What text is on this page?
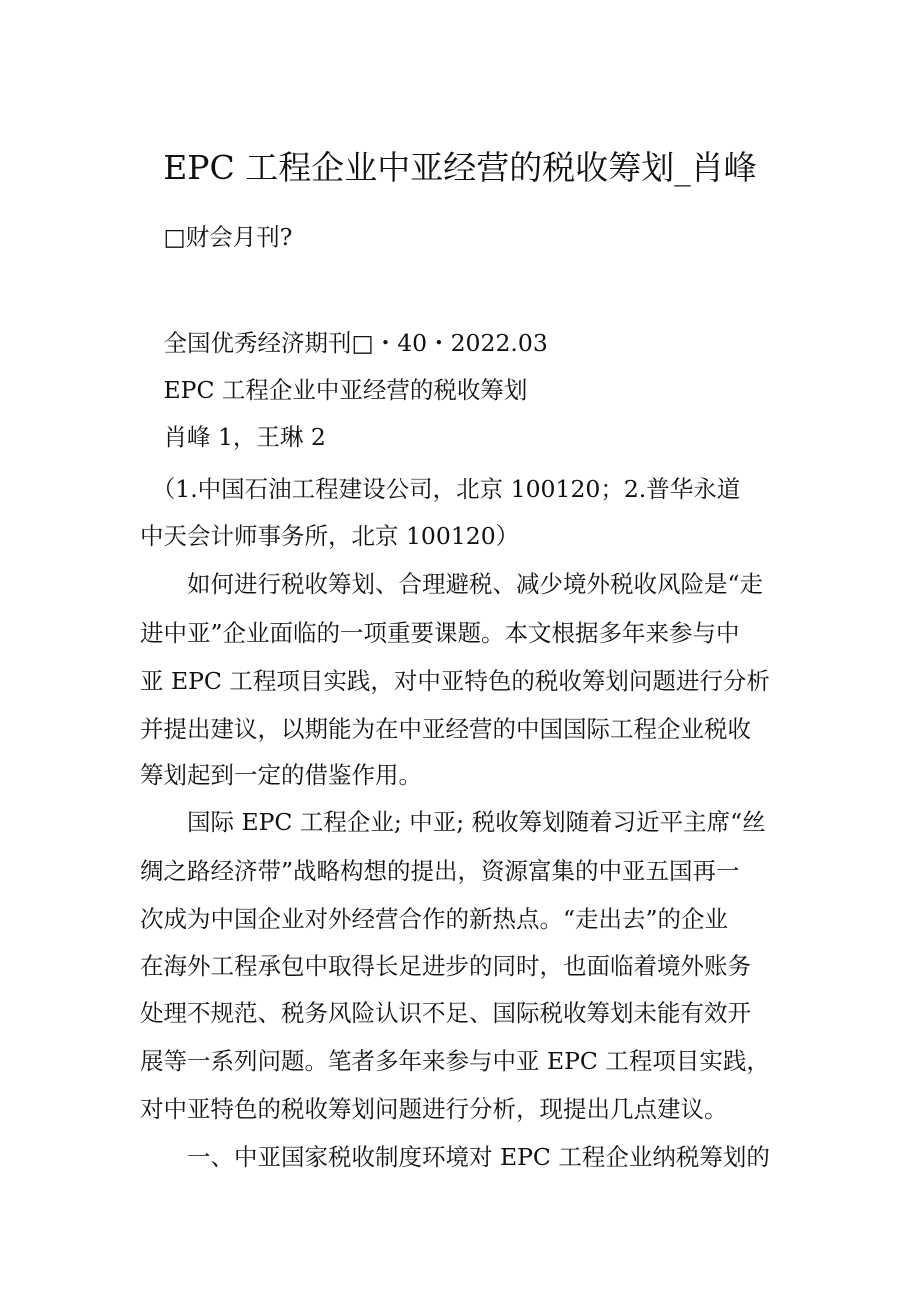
EPC 工程企业中亚经营的税收筹划_肖峰
　□财会月刊?
　全国优秀经济期刊□・40・2022.03
　EPC 工程企业中亚经营的税收筹划
　肖峰 1，王琳 2
　（1.中国石油工程建设公司，北京 100120；2.普华永道
中天会计师事务所，北京 100120）
　　如何进行税收筹划、合理避税、减少境外税收风险是“走
进中亚”企业面临的一项重要课题。本文根据多年来参与中
亚 EPC 工程项目实践，对中亚特色的税收筹划问题进行分析
并提出建议，以期能为在中亚经营的中国国际工程企业税收
筹划起到一定的借鉴作用。
　　国际 EPC 工程企业; 中亚; 税收筹划随着习近平主席“丝
绸之路经济带”战略构想的提出，资源富集的中亚五国再一
次成为中国企业对外经营合作的新热点。“走出去”的企业
在海外工程承包中取得长足进步的同时，也面临着境外账务
处理不规范、税务风险认识不足、国际税收筹划未能有效开
展等一系列问题。笔者多年来参与中亚 EPC 工程项目实践，
对中亚特色的税收筹划问题进行分析，现提出几点建议。
　　一、中亚国家税收制度环境对 EPC 工程企业纳税筹划的
